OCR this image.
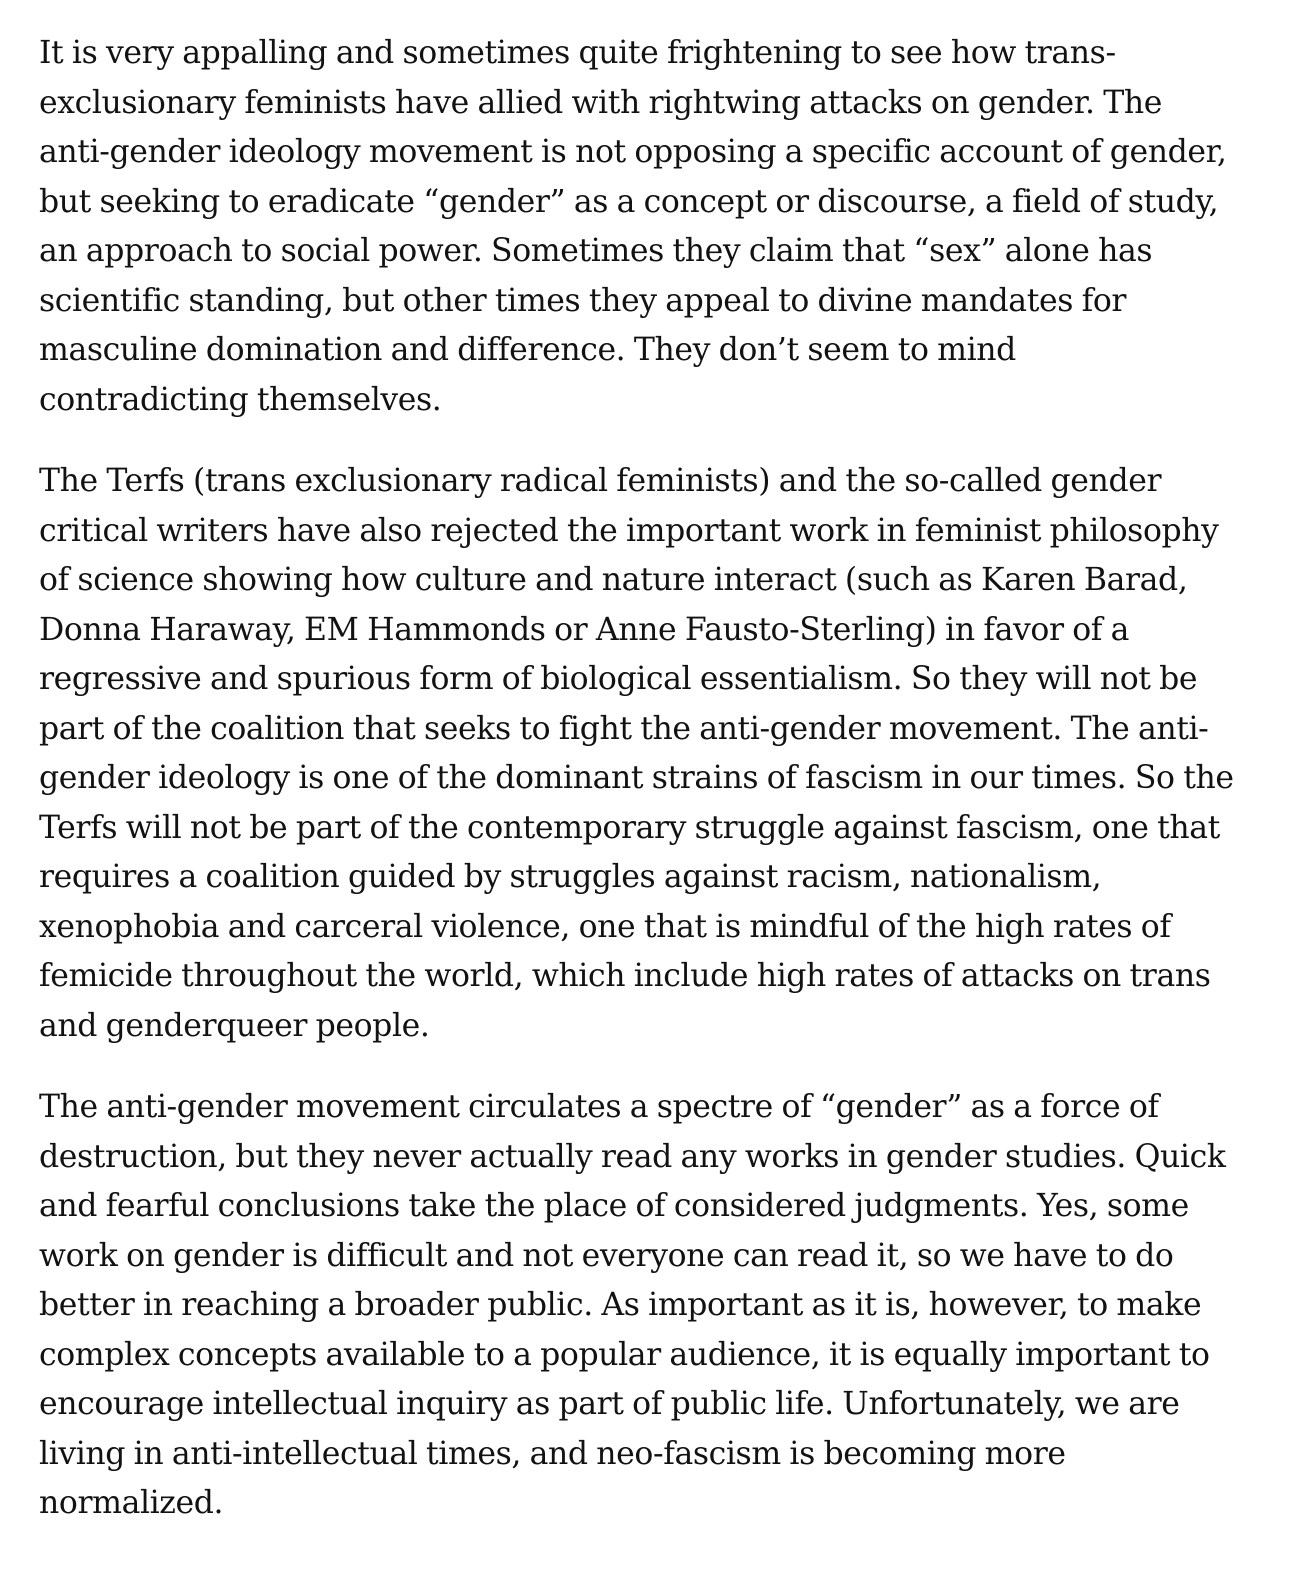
It is very appalling and sometimes quite frightening to see how trans-
exclusionary feminists have allied with rightwing attacks on gender. The
anti-gender ideology movement is not opposing a specific account of gender,
but seeking to eradicate “gender” as a concept or discourse, a field of study,
an approach to social power. Sometimes they claim that “sex” alone has
scientific standing, but other times they appeal to divine mandates for
masculine domination and difference. They don’t seem to mind
contradicting themselves.

The Terfs (trans exclusionary radical feminists) and the so-called gender
critical writers have also rejected the important work in feminist philosophy
of science showing how culture and nature interact (such as Karen Barad,
Donna Haraway, EM Hammonds or Anne Fausto-Sterling) in favor of a
regressive and spurious form of biological essentialism. So they will not be
part of the coalition that seeks to fight the anti-gender movement. The anti-
gender ideology is one of the dominant strains of fascism in our times. So the
Terfs will not be part of the contemporary struggle against fascism, one that
requires a coalition guided by struggles against racism, nationalism,
xenophobia and carceral violence, one that is mindful of the high rates of
femicide throughout the world, which include high rates of attacks on trans
and genderqueer people.

The anti-gender movement circulates a spectre of “gender” as a force of
destruction, but they never actually read any works in gender studies. Quick
and fearful conclusions take the place of considered judgments. Yes, some
work on gender is difficult and not everyone can read it, so we have to do
better in reaching a broader public. As important as it is, however, to make
complex concepts available to a popular audience, it is equally important to
encourage intellectual inquiry as part of public life. Unfortunately, we are
living in anti-intellectual times, and neo-fascism is becoming more
normalized.
